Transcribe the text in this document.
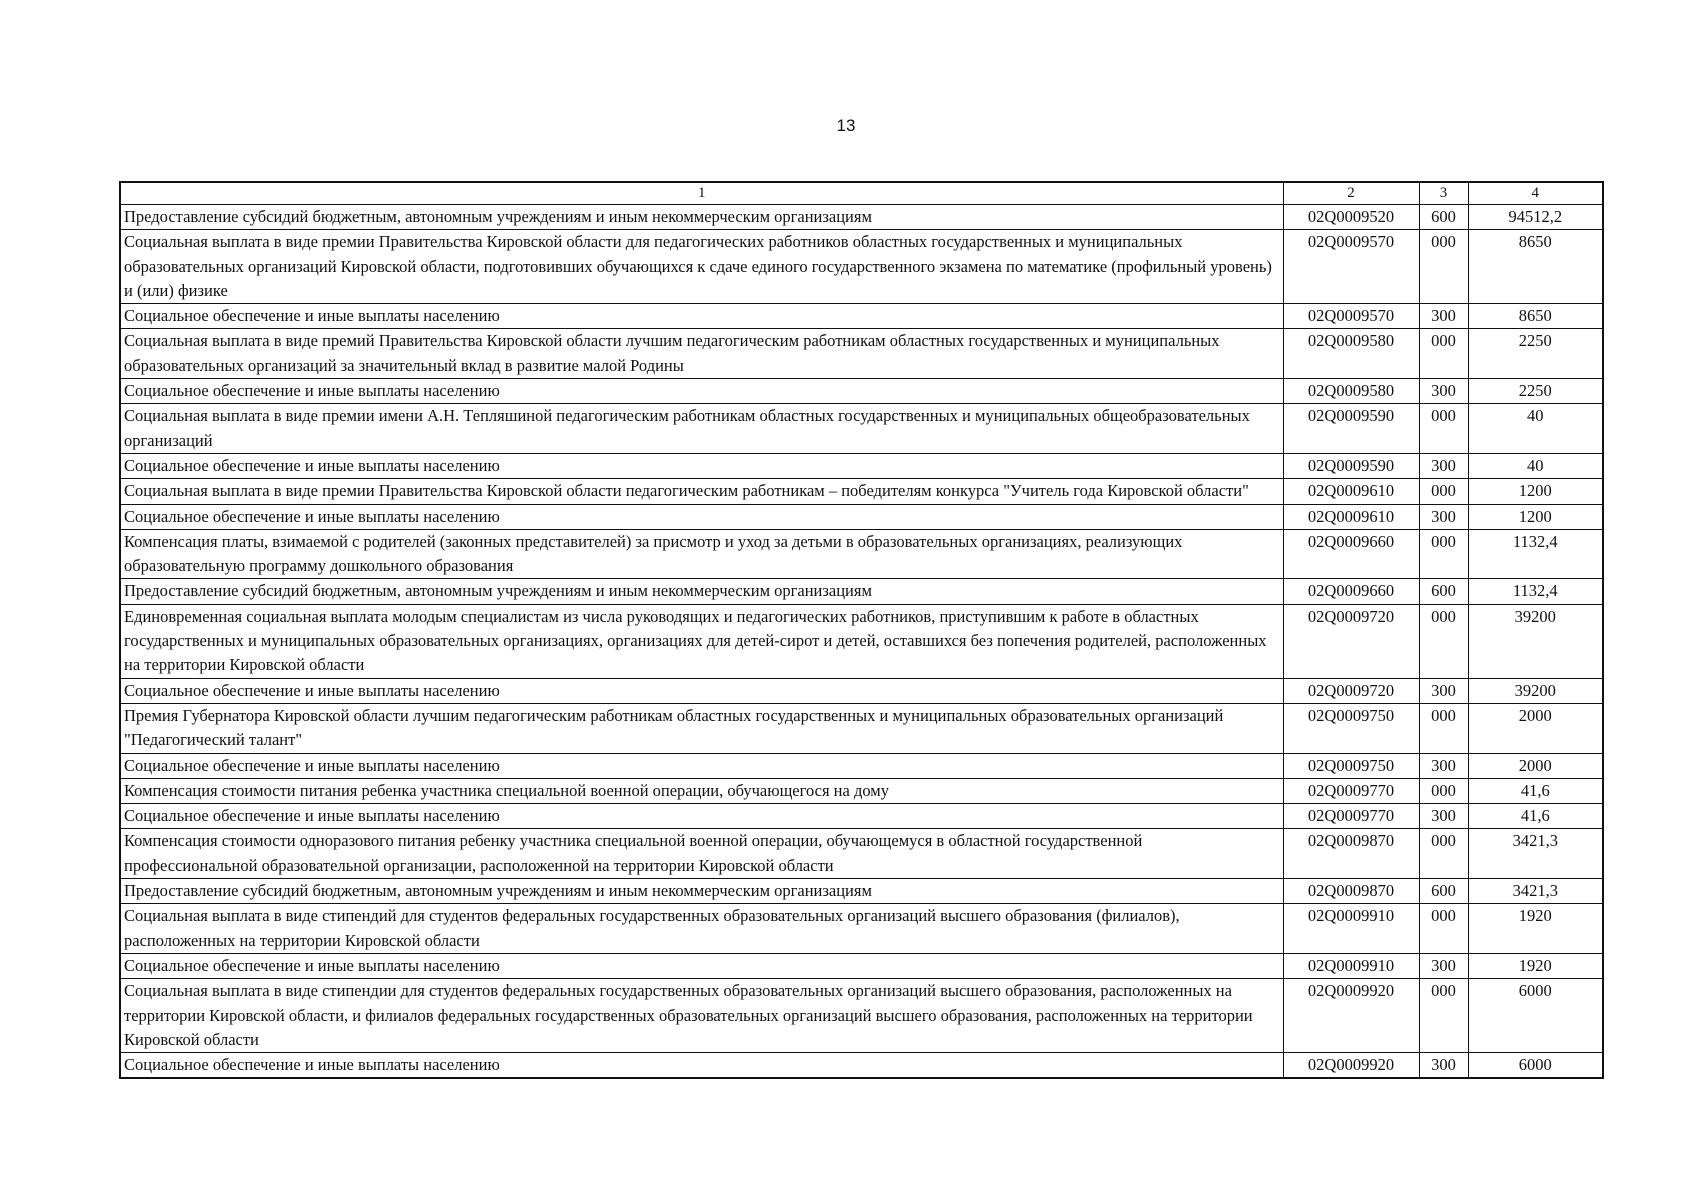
13
1	2	3	4
Предоставление субсидий бюджетным, автономным учреждениям и иным некоммерческим организациям	02Q0009520	600	94512,2
Социальная выплата в виде премии Правительства Кировской области для педагогических работников областных государственных и муниципальных образовательных организаций Кировской области, подготовивших обучающихся к сдаче единого государственного экзамена по математике (профильный уровень) и (или) физике	02Q0009570	000	8650
Социальное обеспечение и иные выплаты населению	02Q0009570	300	8650
Социальная выплата в виде премий Правительства Кировской области лучшим педагогическим работникам областных государственных и муниципальных образовательных организаций за значительный вклад в развитие малой Родины	02Q0009580	000	2250
Социальное обеспечение и иные выплаты населению	02Q0009580	300	2250
Социальная выплата в виде премии имени А.Н. Тепляшиной педагогическим работникам областных государственных и муниципальных общеобразовательных организаций	02Q0009590	000	40
Социальное обеспечение и иные выплаты населению	02Q0009590	300	40
Социальная выплата в виде премии Правительства Кировской области педагогическим работникам – победителям конкурса "Учитель года Кировской области"	02Q0009610	000	1200
Социальное обеспечение и иные выплаты населению	02Q0009610	300	1200
Компенсация платы, взимаемой с родителей (законных представителей) за присмотр и уход за детьми в образовательных организациях, реализующих образовательную программу дошкольного образования	02Q0009660	000	1132,4
Предоставление субсидий бюджетным, автономным учреждениям и иным некоммерческим организациям	02Q0009660	600	1132,4
Единовременная социальная выплата молодым специалистам из числа руководящих и педагогических работников, приступившим к работе в областных государственных и муниципальных образовательных организациях, организациях для детей-сирот и детей, оставшихся без попечения родителей, расположенных на территории Кировской области	02Q0009720	000	39200
Социальное обеспечение и иные выплаты населению	02Q0009720	300	39200
Премия Губернатора Кировской области лучшим педагогическим работникам областных государственных и муниципальных образовательных организаций "Педагогический талант"	02Q0009750	000	2000
Социальное обеспечение и иные выплаты населению	02Q0009750	300	2000
Компенсация стоимости питания ребенка участника специальной военной операции, обучающегося на дому	02Q0009770	000	41,6
Социальное обеспечение и иные выплаты населению	02Q0009770	300	41,6
Компенсация стоимости одноразового питания ребенку участника специальной военной операции, обучающемуся в областной государственной профессиональной образовательной организации, расположенной на территории Кировской области	02Q0009870	000	3421,3
Предоставление субсидий бюджетным, автономным учреждениям и иным некоммерческим организациям	02Q0009870	600	3421,3
Социальная выплата в виде стипендий для студентов федеральных государственных образовательных организаций высшего образования (филиалов), расположенных на территории Кировской области	02Q0009910	000	1920
Социальное обеспечение и иные выплаты населению	02Q0009910	300	1920
Социальная выплата в виде стипендии для студентов федеральных государственных образовательных организаций высшего образования, расположенных на территории Кировской области, и филиалов федеральных государственных образовательных организаций высшего образования, расположенных на территории Кировской области	02Q0009920	000	6000
Социальное обеспечение и иные выплаты населению	02Q0009920	300	6000
